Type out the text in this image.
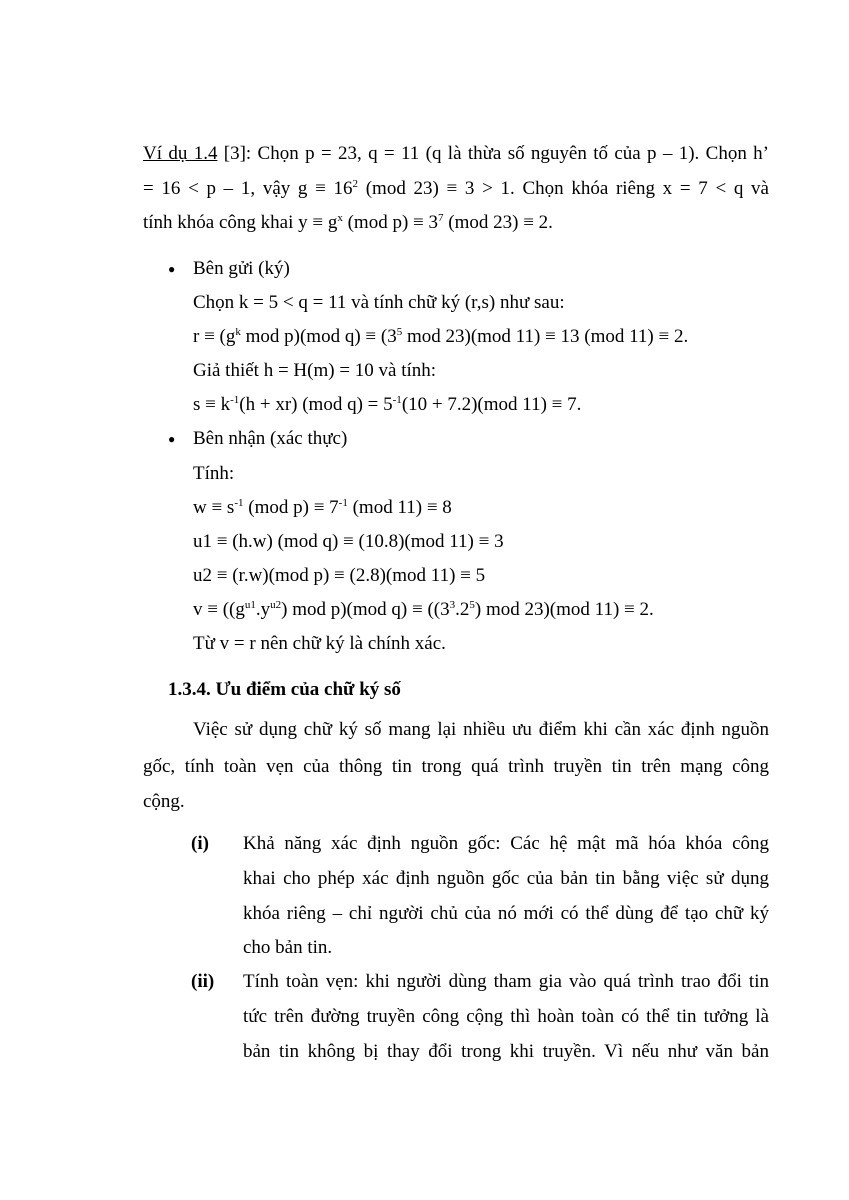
Ví dụ 1.4 [3]: Chọn p = 23, q = 11 (q là thừa số nguyên tố của p – 1). Chọn h’
= 16 < p – 1, vậy $g \equiv 16^2$ (mod 23) ≡ 3 > 1. Chọn khóa riêng x = 7 < q và
tính khóa công khai $y \equiv g^x$ (mod $p) \equiv 3^7$ (mod 23) ≡ 2.
● Bên gửi (ký)
Chọn k = 5 < q = 11 và tính chữ ký (r,s) như sau:
$r \equiv (g^k$ mod p)(mod $q) \equiv (3^5$ mod 23)(mod 11) ≡ 13 (mod 11) ≡ 2.
Giả thiết h = H(m) = 10 và tính:
$s \equiv k^{-1}(h + xr)$ (mod $q) = 5^{-1}(10 + 7.2)(mod$ 11) ≡ 7.
● Bên nhận (xác thực)
Tính:
$w \equiv s^{-1}$ (mod $p) \equiv 7^{-1}$ (mod 11) ≡ 8
u1 ≡ (h.w) (mod q) ≡ (10.8)(mod 11) ≡ 3
u2 ≡ (r.w)(mod p) ≡ (2.8)(mod 11) ≡ 5
$v \equiv ((g^{u1}.y^{u2})$ mod p)(mod $q) \equiv ((3^3.2^5)$ mod 23)(mod 11) ≡ 2.
Từ v = r nên chữ ký là chính xác.
1.3.4. Ưu điểm của chữ ký số
Việc sử dụng chữ ký số mang lại nhiều ưu điểm khi cần xác định nguồn
gốc, tính toàn vẹn của thông tin trong quá trình truyền tin trên mạng công
cộng.
(i) Khả năng xác định nguồn gốc: Các hệ mật mã hóa khóa công
khai cho phép xác định nguồn gốc của bản tin bằng việc sử dụng
khóa riêng – chỉ người chủ của nó mới có thể dùng để tạo chữ ký
cho bản tin.
(ii) Tính toàn vẹn: khi người dùng tham gia vào quá trình trao đổi tin
tức trên đường truyền công cộng thì hoàn toàn có thể tin tưởng là
bản tin không bị thay đổi trong khi truyền. Vì nếu như văn bản
